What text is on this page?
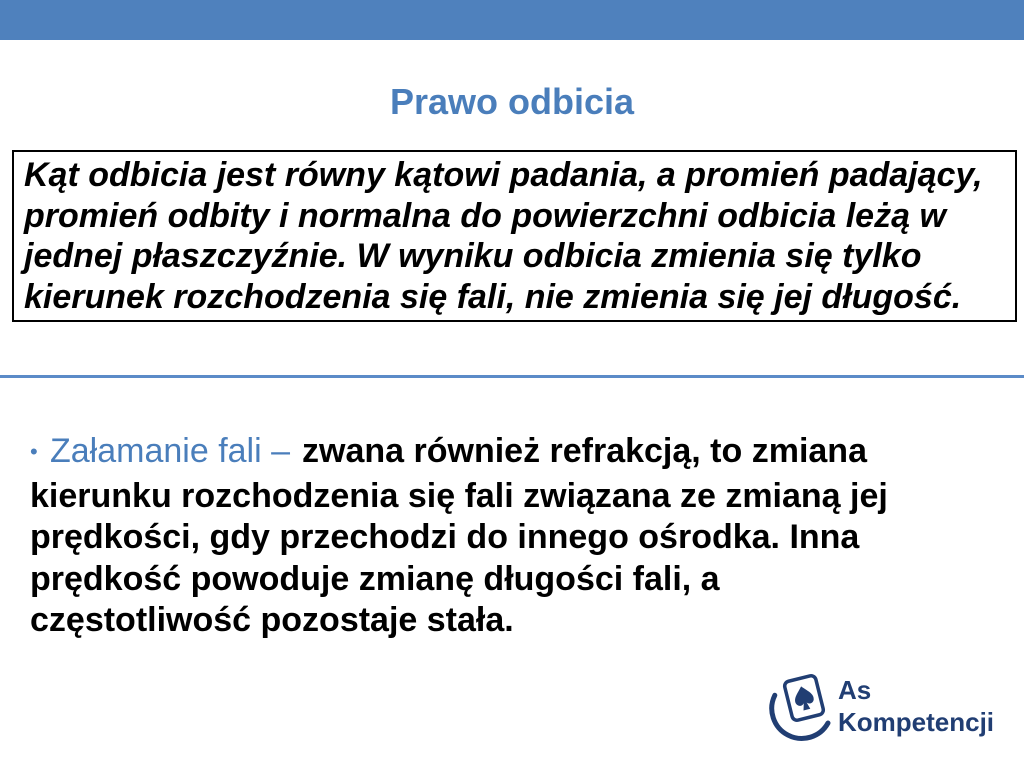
Prawo odbicia
Kąt odbicia jest równy kątowi padania, a promień padający,
promień odbity i normalna do powierzchni odbicia leżą w
jednej płaszczyźnie. W wyniku odbicia zmienia się tylko
kierunek rozchodzenia się fali, nie zmienia się jej długość.
• Załamanie fali – zwana również refrakcją, to zmiana
kierunku rozchodzenia się fali związana ze zmianą jej
prędkości, gdy przechodzi do innego ośrodka. Inna
prędkość powoduje zmianę długości fali, a
częstotliwość pozostaje stała.
As
Kompetencji
